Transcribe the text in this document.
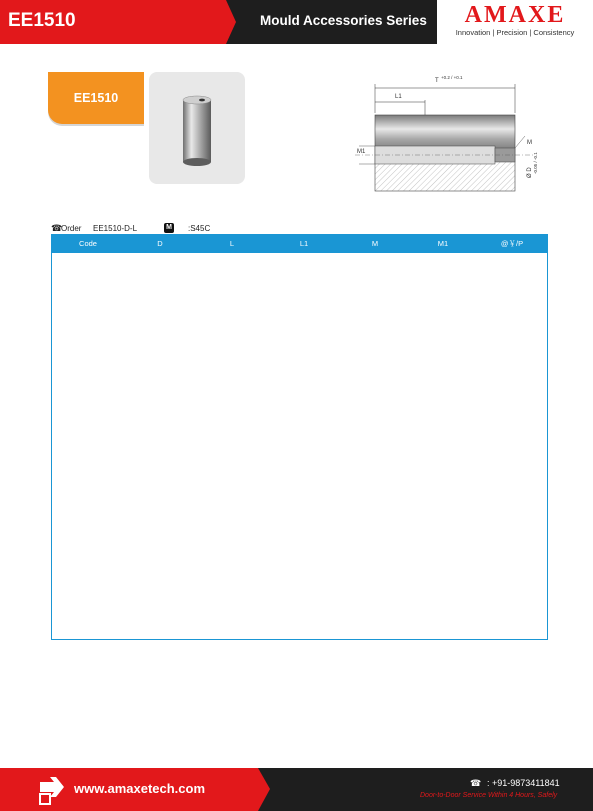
EE1510	Mould Accessories Series	AMAXE
Innovation | Precision | Consistency
EE1510
T
+0.2 / +0.1
L1
M1
M
Ø D -0.05 / -0.1
☎
Order EE1510-D-L	M :S45C
Code	D	L	L1	M	M1	@￥/P
www.amaxetech.com	☎ : +91-9873411841
Door-to-Door Service Within 4 Hours, Safely
